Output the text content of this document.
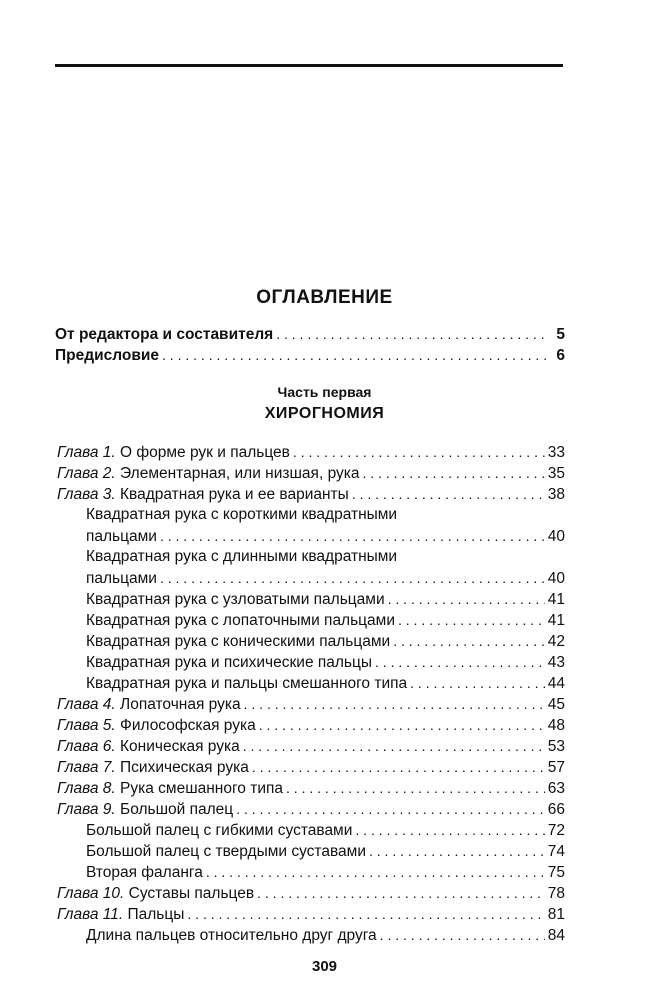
ОГЛАВЛЕНИЕ
От редактора и составителя . . .	5
Предисловие . . .	6
Часть первая
ХИРОГНОМИЯ
Глава 1. О форме рук и пальцев . . .	33
Глава 2. Элементарная, или низшая, рука . . .	35
Глава 3. Квадратная рука и ее варианты . . .	38
Квадратная рука с короткими квадратными
пальцами . . .	40
Квадратная рука с длинными квадратными
пальцами . . .	40
Квадратная рука с узловатыми пальцами . . .	41
Квадратная рука с лопаточными пальцами . . .	41
Квадратная рука с коническими пальцами . . .	42
Квадратная рука и психические пальцы . . .	43
Квадратная рука и пальцы смешанного типа . . .	44
Глава 4. Лопаточная рука . . .	45
Глава 5. Философская рука . . .	48
Глава 6. Коническая рука . . .	53
Глава 7. Психическая рука . . .	57
Глава 8. Рука смешанного типа . . .	63
Глава 9. Большой палец . . .	66
Большой палец с гибкими суставами . . .	72
Большой палец с твердыми суставами . . .	74
Вторая фаланга . . .	75
Глава 10. Суставы пальцев . . .	78
Глава 11. Пальцы . . .	81
Длина пальцев относительно друг друга . . .	84
309
